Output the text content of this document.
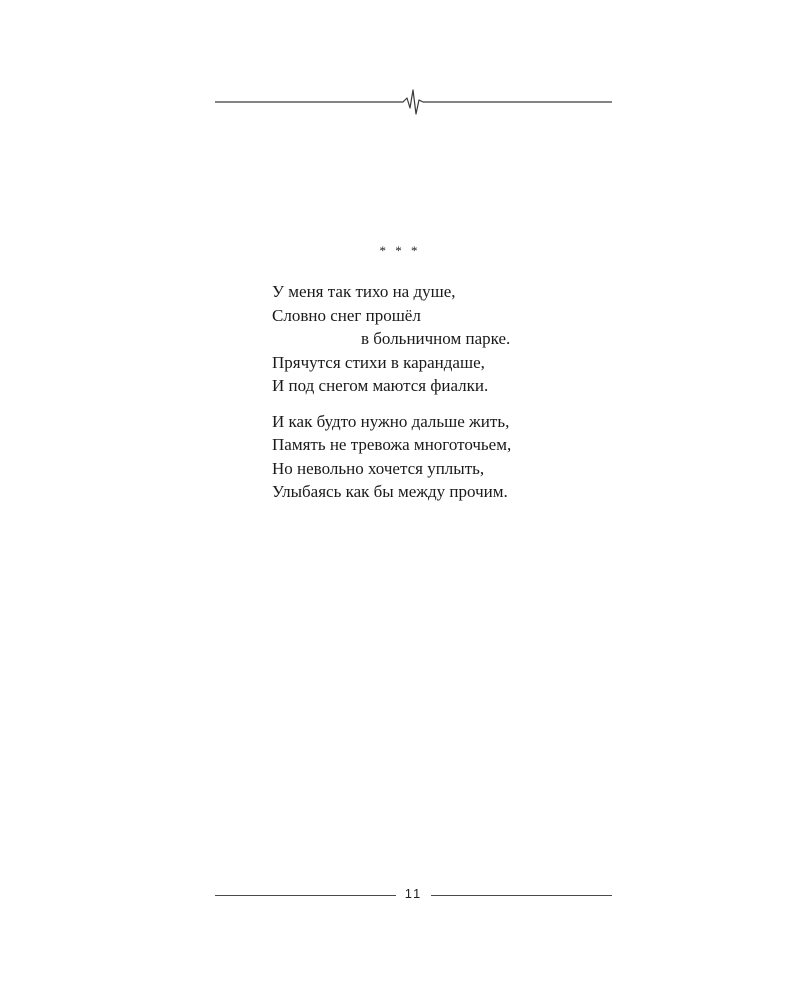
* * *

У меня так тихо на душе,
Словно снег прошёл
в больничном парке.
Прячутся стихи в карандаше,
И под снегом маются фиалки.

И как будто нужно дальше жить,
Память не тревожа многоточьем,
Но невольно хочется уплыть,
Улыбаясь как бы между прочим.

11
